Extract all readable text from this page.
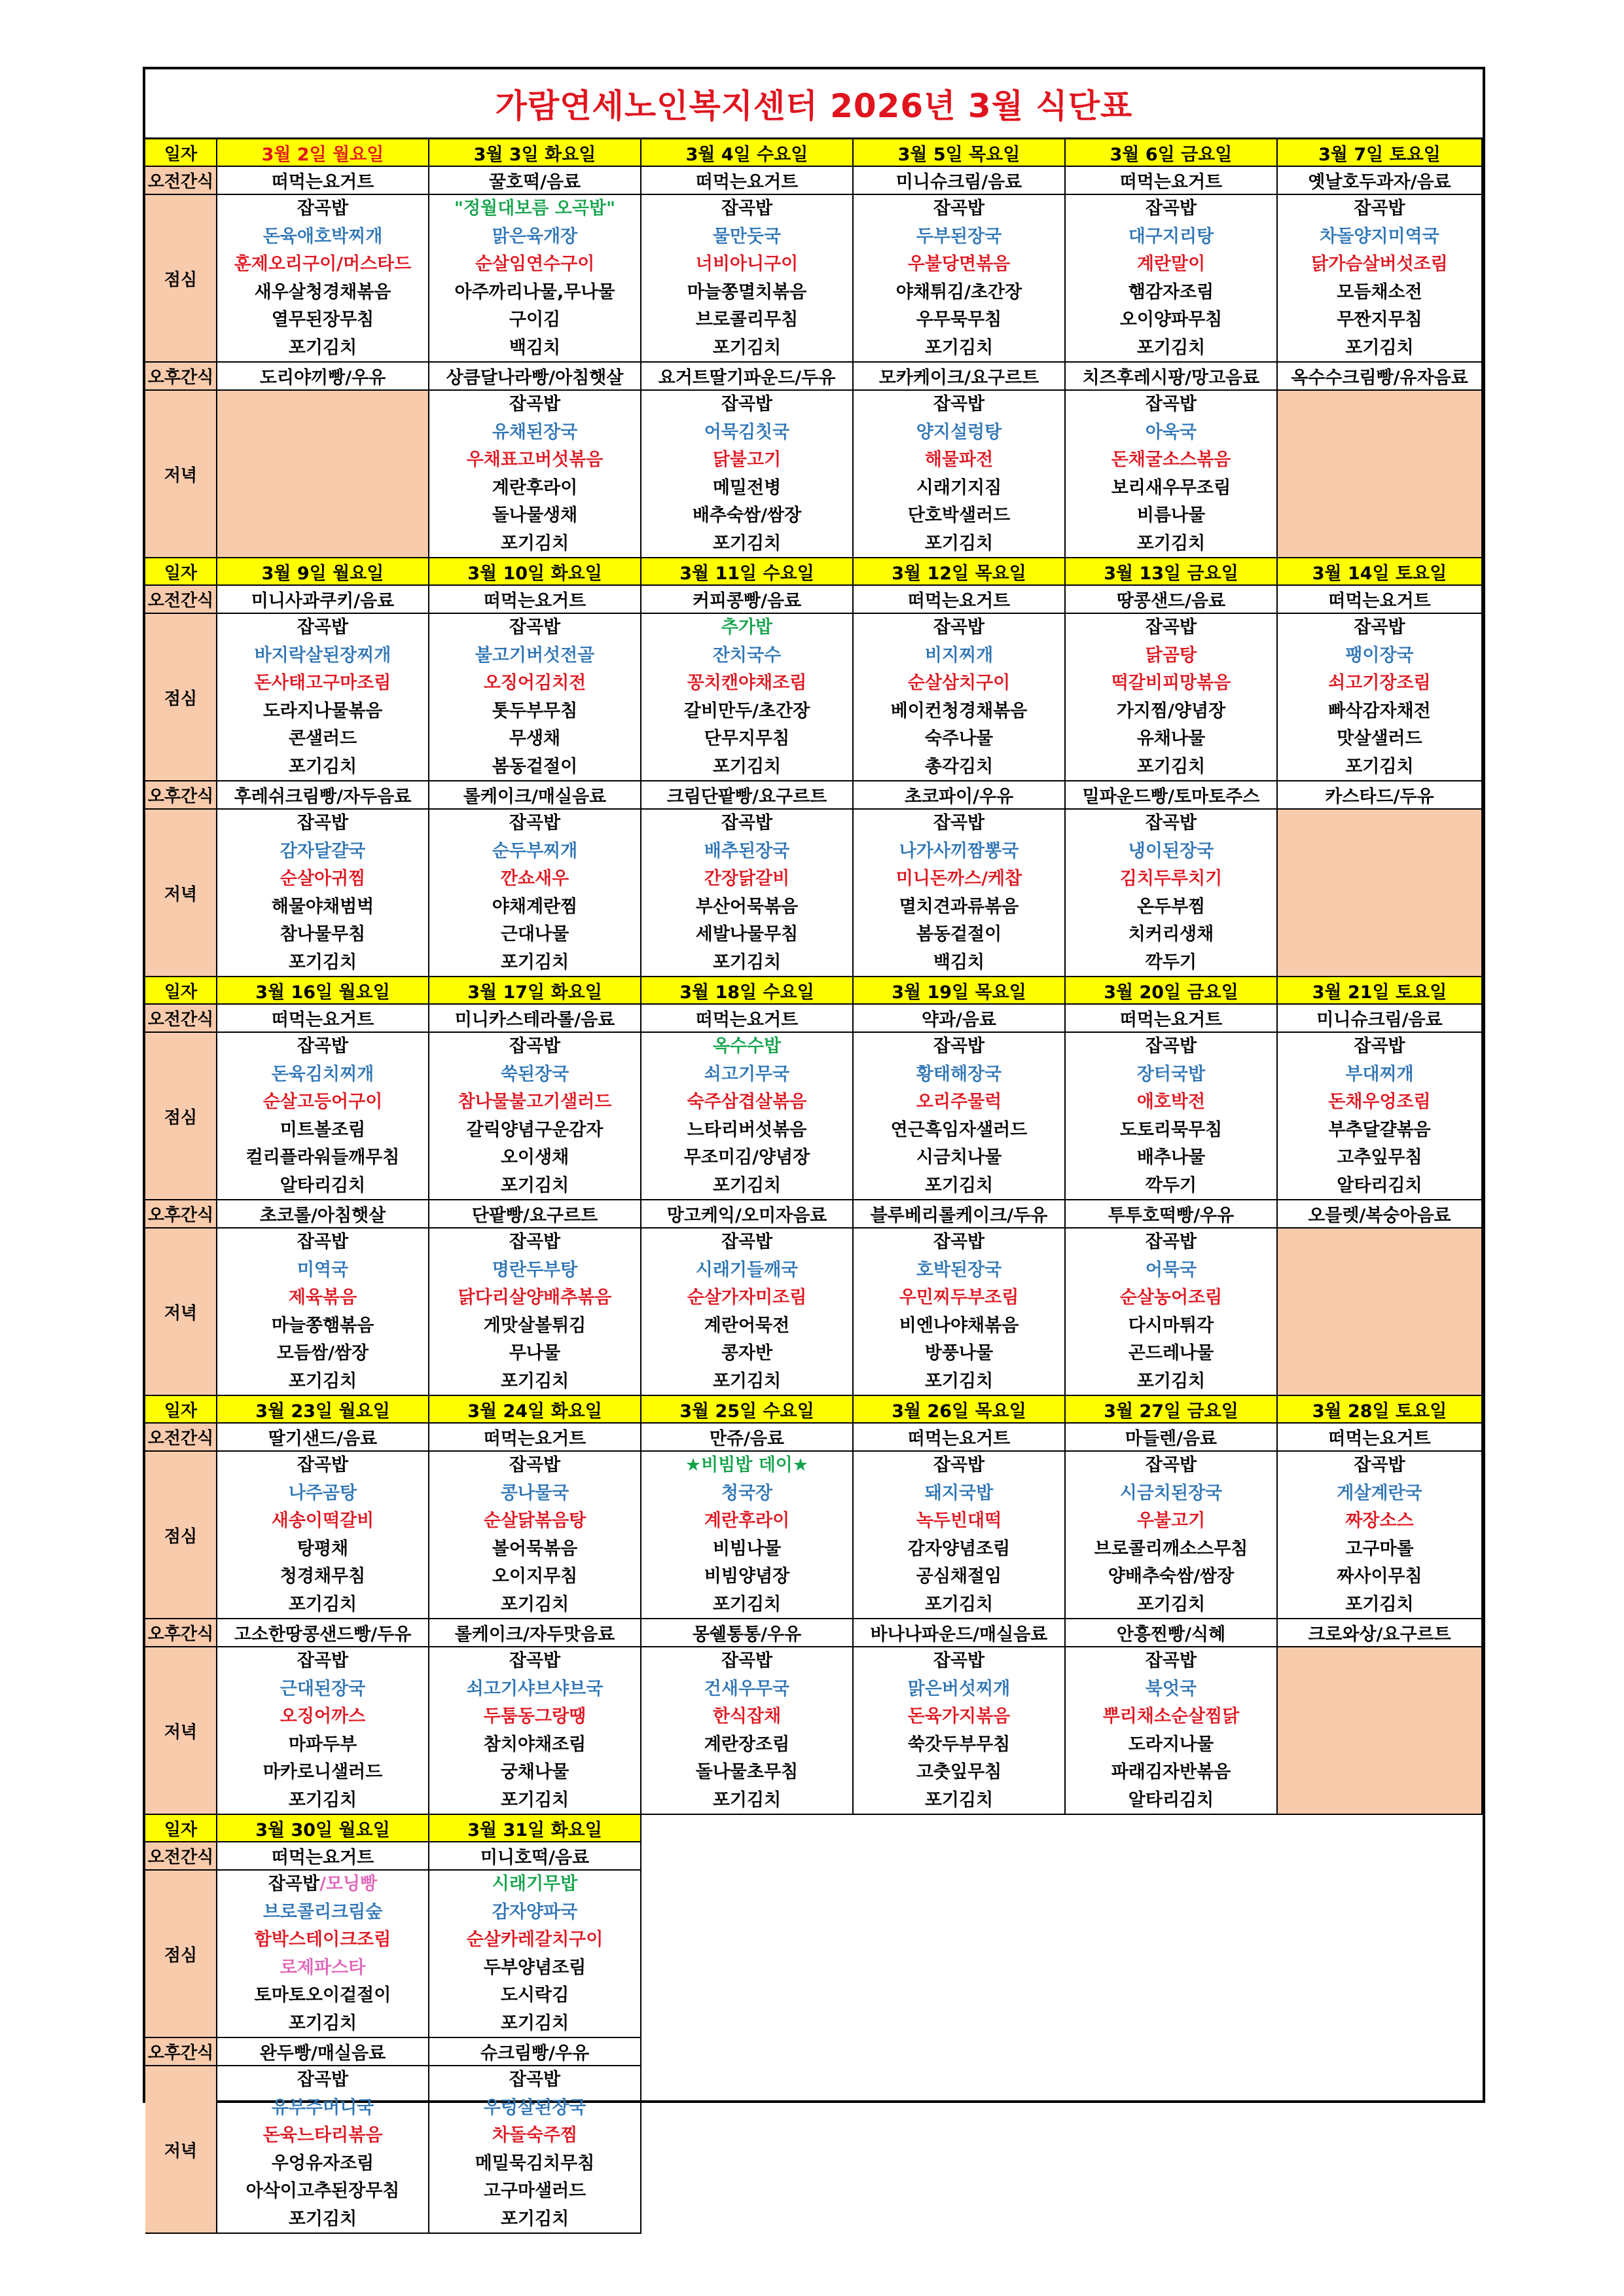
가람연세노인복지센터 2026년 3월 식단표
일자
오전간식
점심
오후간식
저녁
3월 2일 월요일
떠먹는요거트
잡곡밥
돈육애호박찌개
훈제오리구이/머스타드
새우살청경채볶음
열무된장무침
포기김치
도리야끼빵/우유
3월 3일 화요일
꿀호떡/음료
"정월대보름 오곡밥"
맑은육개장
순살임연수구이
아주까리나물,무나물
구이김
백김치
상큼달나라빵/아침햇살
잡곡밥
유채된장국
우채표고버섯볶음
계란후라이
돌나물생채
포기김치
3월 4일 수요일
떠먹는요거트
잡곡밥
물만둣국
너비아니구이
마늘쫑멸치볶음
브로콜리무침
포기김치
요거트딸기파운드/두유
잡곡밥
어묵김칫국
닭불고기
메밀전병
배추숙쌈/쌈장
포기김치
3월 5일 목요일
미니슈크림/음료
잡곡밥
두부된장국
우불당면볶음
야채튀김/초간장
우무묵무침
포기김치
모카케이크/요구르트
잡곡밥
양지설렁탕
해물파전
시래기지짐
단호박샐러드
포기김치
3월 6일 금요일
떠먹는요거트
잡곡밥
대구지리탕
계란말이
햄감자조림
오이양파무침
포기김치
치즈후레시팡/망고음료
잡곡밥
아욱국
돈채굴소스볶음
보리새우무조림
비름나물
포기김치
3월 7일 토요일
옛날호두과자/음료
잡곡밥
차돌양지미역국
닭가슴살버섯조림
모듬채소전
무짠지무침
포기김치
옥수수크림빵/유자음료
일자
오전간식
점심
오후간식
저녁
3월 9일 월요일
미니사과쿠키/음료
잡곡밥
바지락살된장찌개
돈사태고구마조림
도라지나물볶음
콘샐러드
포기김치
후레쉬크림빵/자두음료
잡곡밥
감자달걀국
순살아귀찜
해물야채범벅
참나물무침
포기김치
3월 10일 화요일
떠먹는요거트
잡곡밥
불고기버섯전골
오징어김치전
톳두부무침
무생채
봄동겉절이
롤케이크/매실음료
잡곡밥
순두부찌개
깐쇼새우
야채계란찜
근대나물
포기김치
3월 11일 수요일
커피콩빵/음료
추가밥
잔치국수
꽁치캔야채조림
갈비만두/초간장
단무지무침
포기김치
크림단팥빵/요구르트
잡곡밥
배추된장국
간장닭갈비
부산어묵볶음
세발나물무침
포기김치
3월 12일 목요일
떠먹는요거트
잡곡밥
비지찌개
순살삼치구이
베이컨청경채볶음
숙주나물
총각김치
초코파이/우유
잡곡밥
나가사끼짬뽕국
미니돈까스/케찹
멸치견과류볶음
봄동겉절이
백김치
3월 13일 금요일
땅콩샌드/음료
잡곡밥
닭곰탕
떡갈비피망볶음
가지찜/양념장
유채나물
포기김치
밀파운드빵/토마토주스
잡곡밥
냉이된장국
김치두루치기
온두부찜
치커리생채
깍두기
3월 14일 토요일
떠먹는요거트
잡곡밥
팽이장국
쇠고기장조림
빠삭감자채전
맛살샐러드
포기김치
카스타드/두유
일자
오전간식
점심
오후간식
저녁
3월 16일 월요일
떠먹는요거트
잡곡밥
돈육김치찌개
순살고등어구이
미트볼조림
컬리플라워들깨무침
알타리김치
초코롤/아침햇살
잡곡밥
미역국
제육볶음
마늘쫑햄볶음
모듬쌈/쌈장
포기김치
3월 17일 화요일
미니카스테라롤/음료
잡곡밥
쑥된장국
참나물불고기샐러드
갈릭양념구운감자
오이생채
포기김치
단팥빵/요구르트
잡곡밥
명란두부탕
닭다리살양배추볶음
게맛살볼튀김
무나물
포기김치
3월 18일 수요일
떠먹는요거트
옥수수밥
쇠고기무국
숙주삼겹살볶음
느타리버섯볶음
무조미김/양념장
포기김치
망고케익/오미자음료
잡곡밥
시래기들깨국
순살가자미조림
계란어묵전
콩자반
포기김치
3월 19일 목요일
약과/음료
잡곡밥
황태해장국
오리주물럭
연근흑임자샐러드
시금치나물
포기김치
블루베리롤케이크/두유
잡곡밥
호박된장국
우민찌두부조림
비엔나야채볶음
방풍나물
포기김치
3월 20일 금요일
떠먹는요거트
잡곡밥
장터국밥
애호박전
도토리묵무침
배추나물
깍두기
투투호떡빵/우유
잡곡밥
어묵국
순살농어조림
다시마튀각
곤드레나물
포기김치
3월 21일 토요일
미니슈크림/음료
잡곡밥
부대찌개
돈채우엉조림
부추달걀볶음
고추잎무침
알타리김치
오믈렛/복숭아음료
일자
오전간식
점심
오후간식
저녁
3월 23일 월요일
딸기샌드/음료
잡곡밥
나주곰탕
새송이떡갈비
탕평채
청경채무침
포기김치
고소한땅콩샌드빵/두유
잡곡밥
근대된장국
오징어까스
마파두부
마카로니샐러드
포기김치
3월 24일 화요일
떠먹는요거트
잡곡밥
콩나물국
순살닭볶음탕
볼어묵볶음
오이지무침
포기김치
롤케이크/자두맛음료
잡곡밥
쇠고기샤브샤브국
두툼동그랑땡
참치야채조림
궁채나물
포기김치
3월 25일 수요일
만쥬/음료
★비빔밥 데이★
청국장
계란후라이
비빔나물
비빔양념장
포기김치
몽쉘통통/우유
잡곡밥
건새우무국
한식잡채
계란장조림
돌나물초무침
포기김치
3월 26일 목요일
떠먹는요거트
잡곡밥
돼지국밥
녹두빈대떡
감자양념조림
공심채절임
포기김치
바나나파운드/매실음료
잡곡밥
맑은버섯찌개
돈육가지볶음
쑥갓두부무침
고춧잎무침
포기김치
3월 27일 금요일
마들렌/음료
잡곡밥
시금치된장국
우불고기
브로콜리깨소스무침
양배추숙쌈/쌈장
포기김치
안흥찐빵/식혜
잡곡밥
북엇국
뿌리채소순살찜닭
도라지나물
파래김자반볶음
알타리김치
3월 28일 토요일
떠먹는요거트
잡곡밥
게살계란국
짜장소스
고구마롤
짜사이무침
포기김치
크로와상/요구르트
일자
오전간식
점심
오후간식
저녁
3월 30일 월요일
떠먹는요거트
잡곡밥/모닝빵
브로콜리크림숲
함박스테이크조림
로제파스타
토마토오이겉절이
포기김치
완두빵/매실음료
잡곡밥
유부주머니국
돈육느타리볶음
우엉유자조림
아삭이고추된장무침
포기김치
3월 31일 화요일
미니호떡/음료
시래기무밥
감자양파국
순살카레갈치구이
두부양념조림
도시락김
포기김치
슈크림빵/우유
잡곡밥
우렁살된장국
차돌숙주찜
메밀묵김치무침
고구마샐러드
포기김치
